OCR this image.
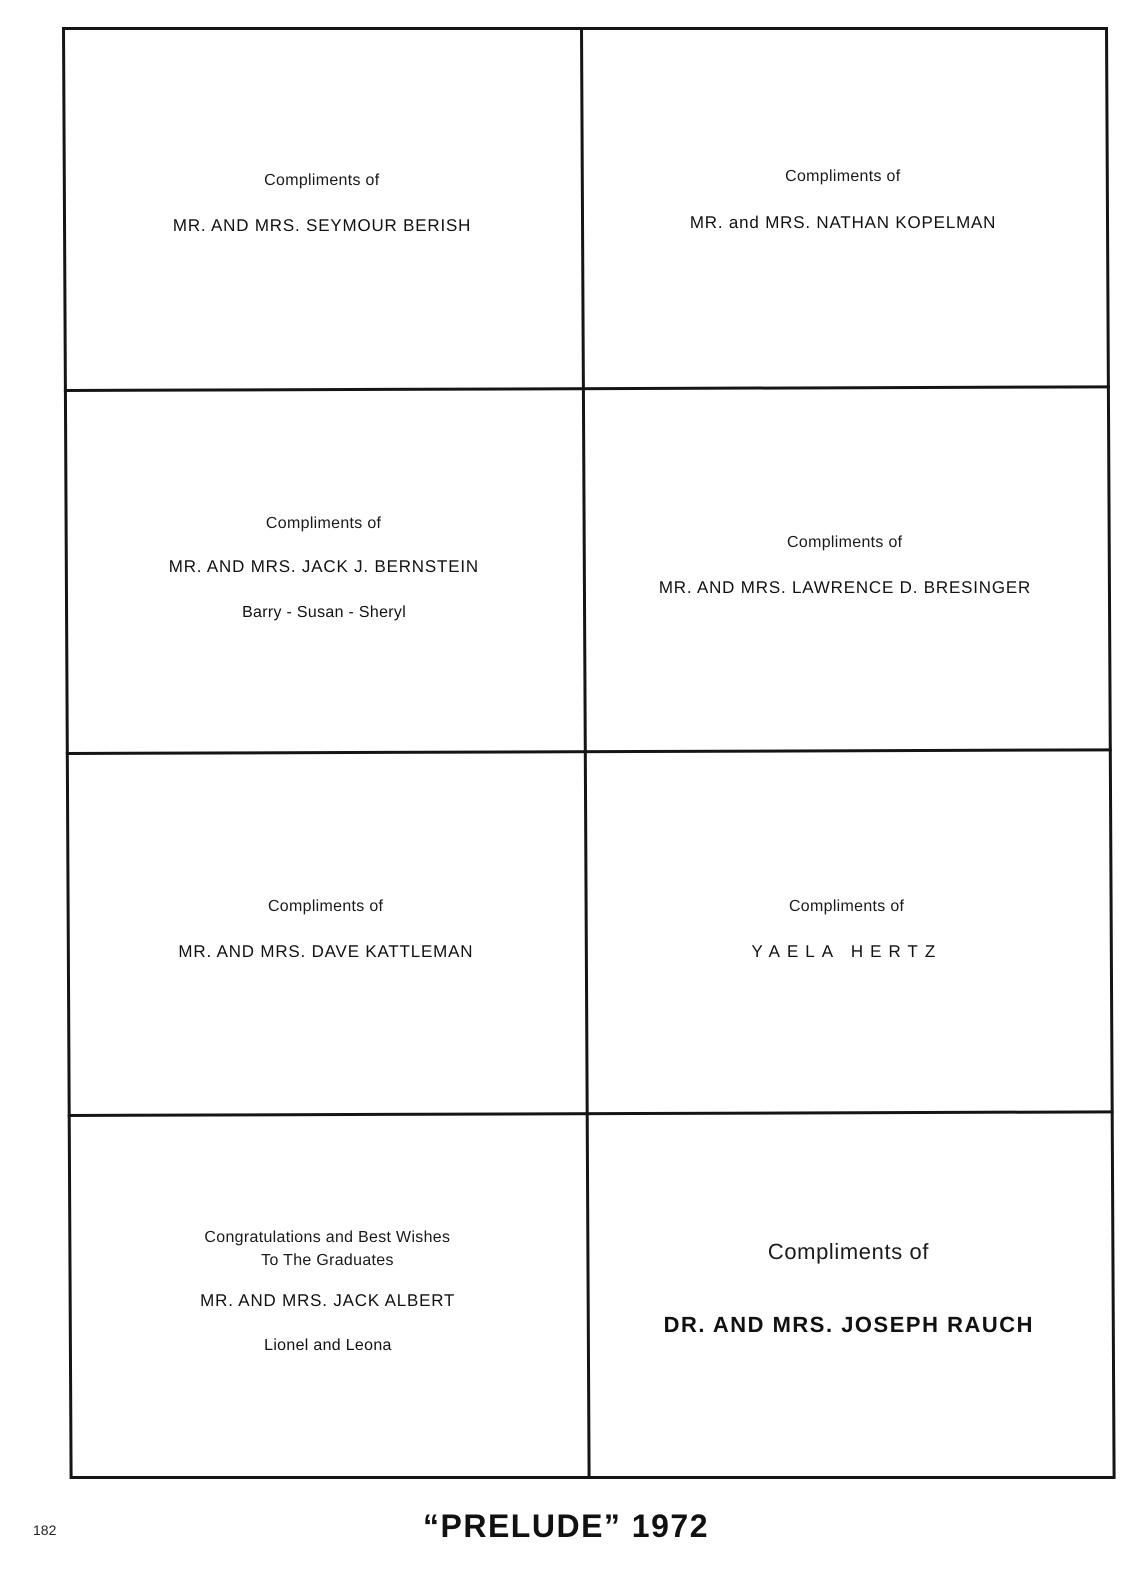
Compliments of
MR. AND MRS. SEYMOUR BERISH
Compliments of
MR. and MRS. NATHAN KOPELMAN
Compliments of
MR. AND MRS. JACK J. BERNSTEIN
Barry - Susan - Sheryl
Compliments of
MR. AND MRS. LAWRENCE D. BRESINGER
Compliments of
MR. AND MRS. DAVE KATTLEMAN
Compliments of
YAELA HERTZ
Congratulations and Best Wishes
To The Graduates
MR. AND MRS. JACK ALBERT
Lionel and Leona
Compliments of
DR. AND MRS. JOSEPH RAUCH
182	“PRELUDE” 1972
